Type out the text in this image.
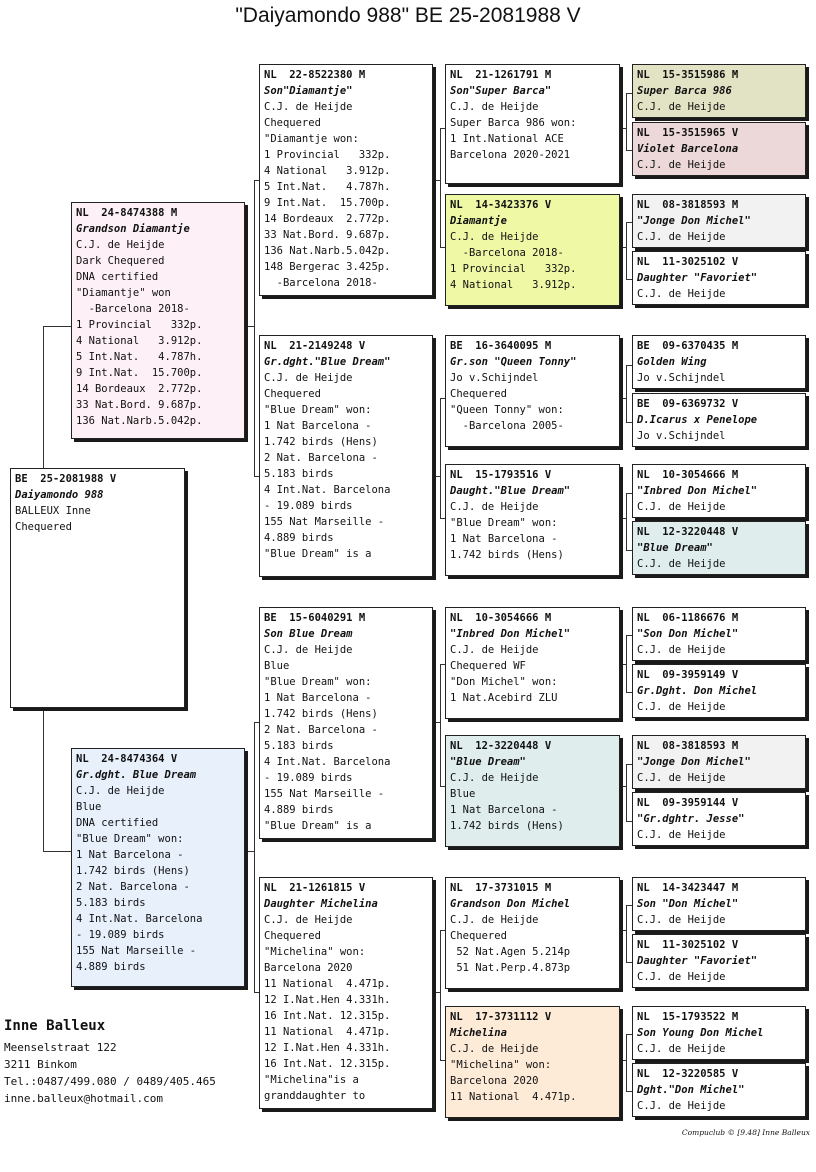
"Daiyamondo 988" BE 25-2081988 V
BE  25-2081988 V
Daiyamondo 988
BALLEUX Inne
Chequered
NL  24-8474388 M
Grandson Diamantje
C.J. de Heijde
Dark Chequered
DNA certified
"Diamantje" won
-Barcelona 2018-
1 Provincial   332p.
4 National   3.912p.
5 Int.Nat.   4.787h.
9 Int.Nat.  15.700p.
14 Bordeaux  2.772p.
33 Nat.Bord. 9.687p.
136 Nat.Narb.5.042p.
NL  24-8474364 V
Gr.dght. Blue Dream
C.J. de Heijde
Blue
DNA certified
"Blue Dream" won:
1 Nat Barcelona -
1.742 birds (Hens)
2 Nat. Barcelona -
5.183 birds
4 Int.Nat. Barcelona
- 19.089 birds
155 Nat Marseille -
4.889 birds
NL  22-8522380 M
Son"Diamantje"
C.J. de Heijde
Chequered
"Diamantje won:
1 Provincial   332p.
4 National   3.912p.
5 Int.Nat.   4.787h.
9 Int.Nat.  15.700p.
14 Bordeaux  2.772p.
33 Nat.Bord. 9.687p.
136 Nat.Narb.5.042p.
148 Bergerac 3.425p.
-Barcelona 2018-
NL  21-2149248 V
Gr.dght."Blue Dream"
C.J. de Heijde
Chequered
"Blue Dream" won:
1 Nat Barcelona -
1.742 birds (Hens)
2 Nat. Barcelona -
5.183 birds
4 Int.Nat. Barcelona
- 19.089 birds
155 Nat Marseille -
4.889 birds
"Blue Dream" is a
BE  15-6040291 M
Son Blue Dream
C.J. de Heijde
Blue
"Blue Dream" won:
1 Nat Barcelona -
1.742 birds (Hens)
2 Nat. Barcelona -
5.183 birds
4 Int.Nat. Barcelona
- 19.089 birds
155 Nat Marseille -
4.889 birds
"Blue Dream" is a
NL  21-1261815 V
Daughter Michelina
C.J. de Heijde
Chequered
"Michelina" won:
Barcelona 2020
11 National  4.471p.
12 I.Nat.Hen 4.331h.
16 Int.Nat. 12.315p.
11 National  4.471p.
12 I.Nat.Hen 4.331h.
16 Int.Nat. 12.315p.
"Michelina"is a
granddaughter to
NL  21-1261791 M
Son"Super Barca"
C.J. de Heijde
Super Barca 986 won:
1 Int.National ACE
Barcelona 2020-2021
NL  14-3423376 V
Diamantje
C.J. de Heijde
-Barcelona 2018-
1 Provincial   332p.
4 National   3.912p.
BE  16-3640095 M
Gr.son "Queen Tonny"
Jo v.Schijndel
Chequered
"Queen Tonny" won:
-Barcelona 2005-
NL  15-1793516 V
Daught."Blue Dream"
C.J. de Heijde
"Blue Dream" won:
1 Nat Barcelona -
1.742 birds (Hens)
NL  10-3054666 M
"Inbred Don Michel"
C.J. de Heijde
Chequered WF
"Don Michel" won:
1 Nat.Acebird ZLU
NL  12-3220448 V
"Blue Dream"
C.J. de Heijde
Blue
1 Nat Barcelona -
1.742 birds (Hens)
NL  17-3731015 M
Grandson Don Michel
C.J. de Heijde
Chequered
52 Nat.Agen 5.214p
51 Nat.Perp.4.873p
NL  17-3731112 V
Michelina
C.J. de Heijde
"Michelina" won:
Barcelona 2020
11 National  4.471p.
NL  15-3515986 M
Super Barca 986
C.J. de Heijde
NL  15-3515965 V
Violet Barcelona
C.J. de Heijde
NL  08-3818593 M
"Jonge Don Michel"
C.J. de Heijde
NL  11-3025102 V
Daughter "Favoriet"
C.J. de Heijde
BE  09-6370435 M
Golden Wing
Jo v.Schijndel
BE  09-6369732 V
D.Icarus x Penelope
Jo v.Schijndel
NL  10-3054666 M
"Inbred Don Michel"
C.J. de Heijde
NL  12-3220448 V
"Blue Dream"
C.J. de Heijde
NL  06-1186676 M
"Son Don Michel"
C.J. de Heijde
NL  09-3959149 V
Gr.Dght. Don Michel
C.J. de Heijde
NL  08-3818593 M
"Jonge Don Michel"
C.J. de Heijde
NL  09-3959144 V
"Gr.dghtr. Jesse"
C.J. de Heijde
NL  14-3423447 M
Son "Don Michel"
C.J. de Heijde
NL  11-3025102 V
Daughter "Favoriet"
C.J. de Heijde
NL  15-1793522 M
Son Young Don Michel
C.J. de Heijde
NL  12-3220585 V
Dght."Don Michel"
C.J. de Heijde
Inne Balleux
Meenselstraat 122
3211 Binkom
Tel.:0487/499.080 / 0489/405.465
inne.balleux@hotmail.com
Compuclub © [9.48] Inne Balleux
